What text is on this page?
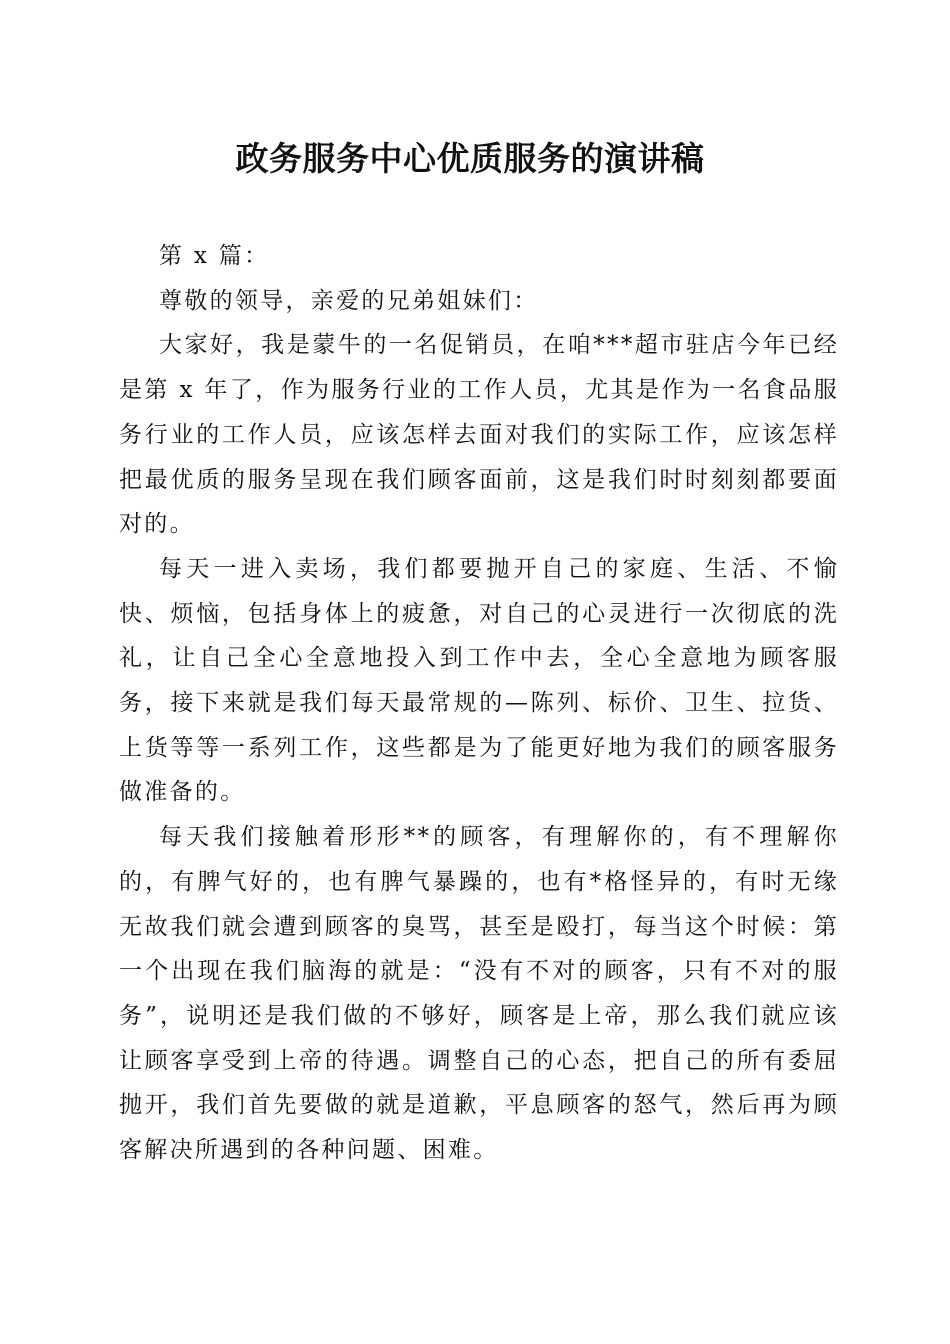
政务服务中心优质服务的演讲稿

第 x 篇：

尊敬的领导，亲爱的兄弟姐妹们：

大家好，我是蒙牛的一名促销员，在咱***超市驻店今年已经是第 x 年了，作为服务行业的工作人员，尤其是作为一名食品服务行业的工作人员，应该怎样去面对我们的实际工作，应该怎样把最优质的服务呈现在我们顾客面前，这是我们时时刻刻都要面对的。

每天一进入卖场，我们都要抛开自己的家庭、生活、不愉快、烦恼，包括身体上的疲惫，对自己的心灵进行一次彻底的洗礼，让自己全心全意地投入到工作中去，全心全意地为顾客服务，接下来就是我们每天最常规的—陈列、标价、卫生、拉货、上货等等一系列工作，这些都是为了能更好地为我们的顾客服务做准备的。

每天我们接触着形形**的顾客，有理解你的，有不理解你的，有脾气好的，也有脾气暴躁的，也有*格怪异的，有时无缘无故我们就会遭到顾客的臭骂，甚至是殴打，每当这个时候：第一个出现在我们脑海的就是：“没有不对的顾客，只有不对的服务”，说明还是我们做的不够好，顾客是上帝，那么我们就应该让顾客享受到上帝的待遇。调整自己的心态，把自己的所有委屈抛开，我们首先要做的就是道歉，平息顾客的怒气，然后再为顾客解决所遇到的各种问题、困难。
